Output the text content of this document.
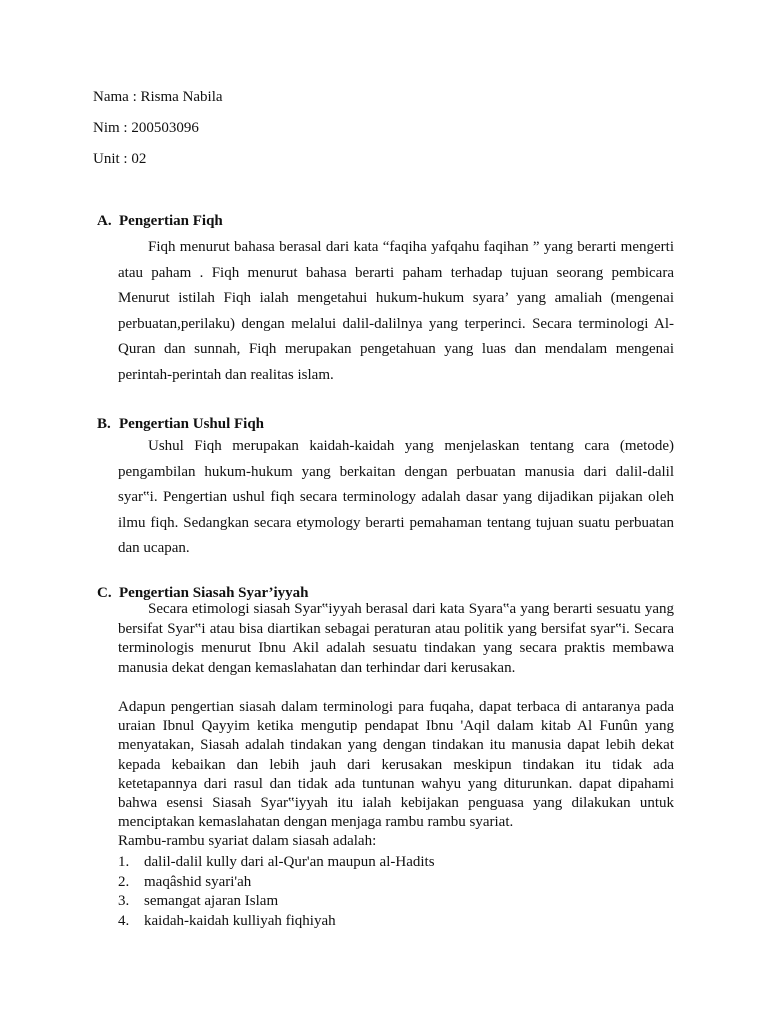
Nama : Risma Nabila
Nim : 200503096
Unit : 02
A. Pengertian Fiqh

Fiqh menurut bahasa berasal dari kata “faqiha yafqahu faqihan ” yang berarti mengerti atau paham . Fiqh menurut bahasa berarti paham terhadap tujuan seorang pembicara Menurut istilah Fiqh ialah mengetahui hukum-hukum syara’ yang amaliah (mengenai perbuatan,perilaku) dengan melalui dalil-dalilnya yang terperinci. Secara terminologi Al-Quran dan sunnah, Fiqh merupakan pengetahuan yang luas dan mendalam mengenai perintah-perintah dan realitas islam.

B. Pengertian Ushul Fiqh

Ushul Fiqh merupakan kaidah-kaidah yang menjelaskan tentang cara (metode) pengambilan hukum-hukum yang berkaitan dengan perbuatan manusia dari dalil-dalil syar‟i. Pengertian ushul fiqh secara terminology adalah dasar yang dijadikan pijakan oleh ilmu fiqh. Sedangkan secara etymology berarti pemahaman tentang tujuan suatu perbuatan dan ucapan.

C. Pengertian Siasah Syar’iyyah

Secara etimologi siasah Syar‟iyyah berasal dari kata Syara‟a yang berarti sesuatu yang bersifat Syar‟i atau bisa diartikan sebagai peraturan atau politik yang bersifat syar‟i. Secara terminologis menurut Ibnu Akil adalah sesuatu tindakan yang secara praktis membawa manusia dekat dengan kemaslahatan dan terhindar dari kerusakan.

Adapun pengertian siasah dalam terminologi para fuqaha, dapat terbaca di antaranya pada uraian Ibnul Qayyim ketika mengutip pendapat Ibnu 'Aqil dalam kitab Al Funûn yang menyatakan, Siasah adalah tindakan yang dengan tindakan itu manusia dapat lebih dekat kepada kebaikan dan lebih jauh dari kerusakan meskipun tindakan itu tidak ada ketetapannya dari rasul dan tidak ada tuntunan wahyu yang diturunkan. dapat dipahami bahwa esensi Siasah Syar‟iyyah itu ialah kebijakan penguasa yang dilakukan untuk menciptakan kemaslahatan dengan menjaga rambu rambu syariat.
Rambu-rambu syariat dalam siasah adalah:

1. dalil-dalil kully dari al-Qur'an maupun al-Hadits
2. maqâshid syari'ah
3. semangat ajaran Islam
4. kaidah-kaidah kulliyah fiqhiyah
